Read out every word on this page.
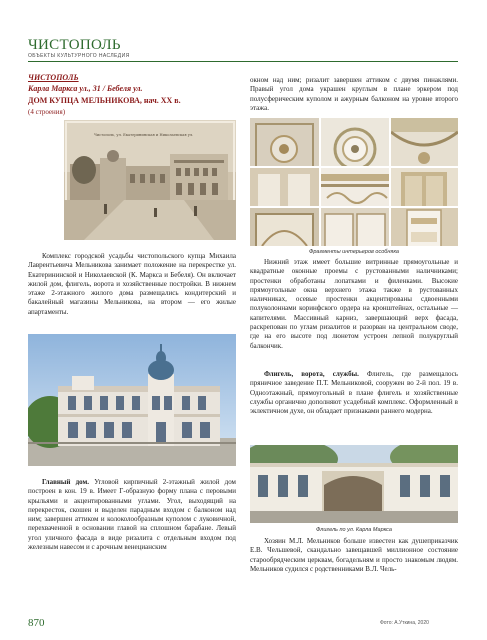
ЧИСТОПОЛЬ
ОБЪЕКТЫ КУЛЬТУРНОГО НАСЛЕДИЯ
ЧИСТОПОЛЬ
Карла Маркса ул., 31 / Бебеля ул.
ДОМ КУПЦА МЕЛЬНИКОВА, нач. XX в.
(4 строения)
Чистополь, ул. Екатерининская и Николаевская ул.
Фрагменты интерьеров особняка
окном над ним; ризалит завершен аттиком с двумя пинаклями. Правый угол дома украшен круглым в плане эркером под полусферическим куполом и ажурным балконом на уровне второго этажа.
Комплекс городской усадьбы чистопольского купца Михаила Лаврентьевича Мельникова занимает положение на перекрестке ул. Екатерининской и Николаевской (К. Маркса и Бебеля). Он включает жилой дом, флигель, ворота и хозяйственные постройки. В нижнем этаже 2-этажного жилого дома размещались кондитерский и бакалейный магазины Мельникова, на втором — его жилые апартаменты.
Нижний этаж имеет большие витринные прямоугольные и квадратные оконные проемы с рустованными наличниками; простенки обработаны лопатками и филенками. Высокие прямоугольные окна верхнего этажа также в рустованных наличниках, осевые простенки акцентированы сдвоенными полуколоннами коринфского ордера на кронштейнах, остальные — капителями. Массивный карниз, завершающий верх фасада, раскрепован по углам ризалитов и разорван на центральном своде, где на его высоте под люнетом устроен лепной полукруглый балкончик.
Флигель, ворота, службы. Флигель, где размещалось пряничное заведение П.Т. Мельниковой, сооружен во 2-й пол. 19 в. Одноэтажный, прямоугольный в плане флигель и хозяйственные службы органично дополняют усадебный комплекс. Оформленный в эклектичном духе, он обладает признаками раннего модерна.
Главный дом. Угловой кирпичный 2-этажный жилой дом построен в кон. 19 в. Имеет Г-образную форму плана с перовыми крыльями и акцентированными углами. Угол, выходящий на перекресток, скошен и выделен парадным входом с балконом над ним; завершен аттиком и колоколообразным куполом с луковичной, перехваченной в основании главой на сплошном барабане. Левый угол уличного фасада в виде ризалита с отдельным входом под железным навесом и с арочным венецианским
Флигель по ул. Карла Маркса
Хозяин М.Л. Мельников больше известен как душеприказчик Е.В. Чельшевой, скандально завещавшей миллионное состояние старообрядческим церквам, богадельням и просто знакомым людям. Мельников судился с родственниками В.Л. Чель-
870	Фото: А.Уткина, 2020
